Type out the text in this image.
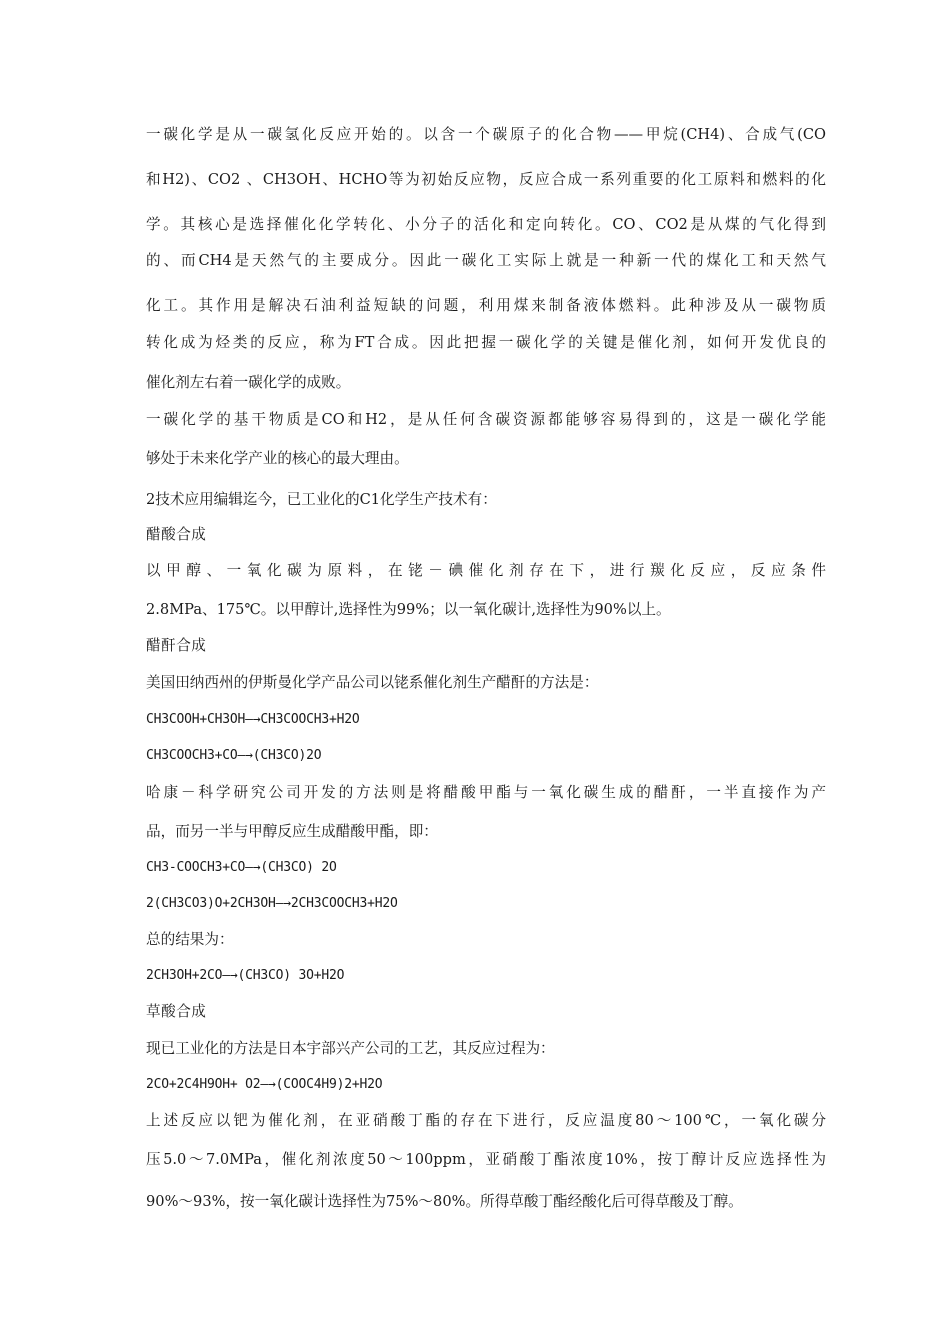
一碳化学是从一碳氢化反应开始的。以含一个碳原子的化合物——甲烷(CH4)、合成气(CO
和H2)、CO2 、CH3OH、HCHO等为初始反应物，反应合成一系列重要的化工原料和燃料的化
学。其核心是选择催化化学转化、小分子的活化和定向转化。CO、CO2是从煤的气化得到
的、而CH4是天然气的主要成分。因此一碳化工实际上就是一种新一代的煤化工和天然气
化工。其作用是解决石油利益短缺的问题，利用煤来制备液体燃料。此种涉及从一碳物质
转化成为烃类的反应，称为FT合成。因此把握一碳化学的关键是催化剂，如何开发优良的
催化剂左右着一碳化学的成败。
一碳化学的基干物质是CO和H2，是从任何含碳资源都能够容易得到的，这是一碳化学能
够处于未来化学产业的核心的最大理由。
2技术应用编辑迄今，已工业化的C1化学生产技术有：
醋酸合成
以甲醇、一氧化碳为原料，在铑－碘催化剂存在下，进行羰化反应，反应条件
2.8MPa、175℃。以甲醇计,选择性为99%；以一氧化碳计,选择性为90%以上。
醋酐合成
美国田纳西州的伊斯曼化学产品公司以铑系催化剂生产醋酐的方法是：
CH3COOH+CH3OH—→CH3COOCH3+H2O
CH3COOCH3+CO—→(CH3CO)2O
哈康－科学研究公司开发的方法则是将醋酸甲酯与一氧化碳生成的醋酐，一半直接作为产
品，而另一半与甲醇反应生成醋酸甲酯，即：
CH3-COOCH3+CO—→(CH3CO) 2O
2(CH3CO3)O+2CH3OH—→2CH3COOCH3+H2O
总的结果为：
2CH3OH+2CO—→(CH3CO) 3O+H2O
草酸合成
现已工业化的方法是日本宇部兴产公司的工艺，其反应过程为：
2CO+2C4H9OH+ O2—→(COOC4H9)2+H2O
上述反应以钯为催化剂，在亚硝酸丁酯的存在下进行，反应温度80～100℃，一氧化碳分
压5.0～7.0MPa，催化剂浓度50～100ppm，亚硝酸丁酯浓度10%，按丁醇计反应选择性为
90%～93%，按一氧化碳计选择性为75%～80%。所得草酸丁酯经酸化后可得草酸及丁醇。
